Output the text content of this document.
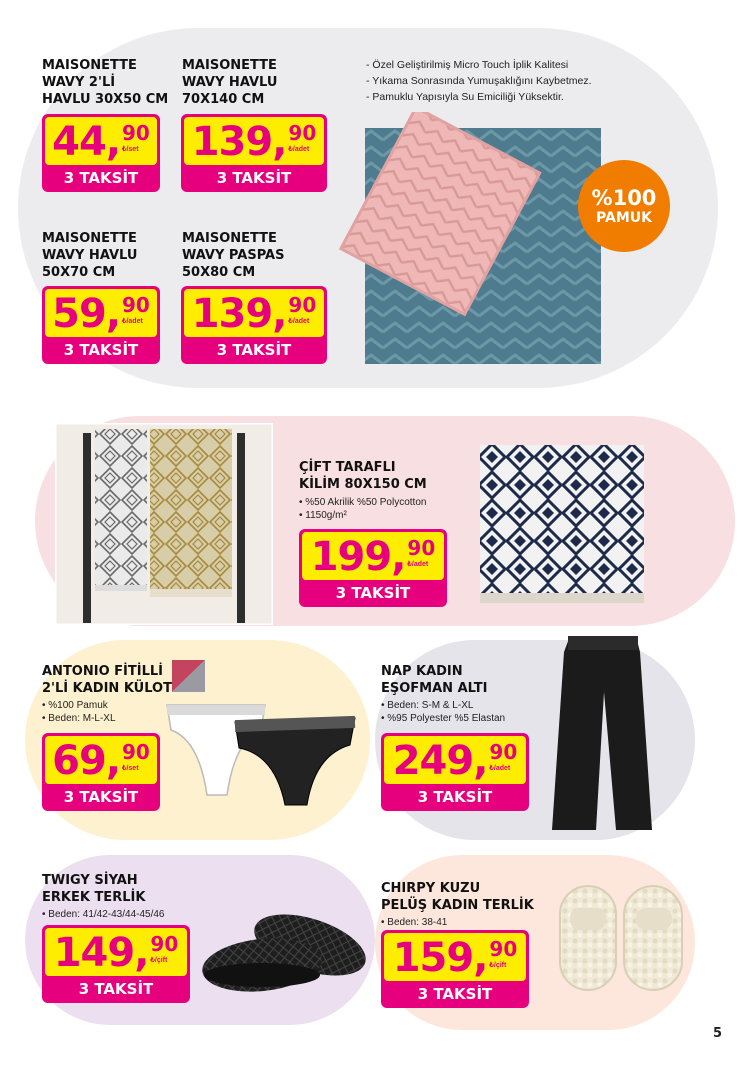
MAISONETTE
WAVY 2'Lİ
HAVLU 30X50 CM
44 , 90
₺/set
3 TAKSİT
MAISONETTE
WAVY HAVLU
70X140 CM
139 , 90
₺/adet
3 TAKSİT
MAISONETTE
WAVY HAVLU
50X70 CM
59 , 90
₺/adet
3 TAKSİT
MAISONETTE
WAVY PASPAS
50X80 CM
139 , 90
₺/adet
3 TAKSİT
- Özel Geliştirilmiş Micro Touch İplik Kalitesi
- Yıkama Sonrasında Yumuşaklığını Kaybetmez.
- Pamuklu Yapısıyla Su Emiciliği Yüksektir.
%100
PAMUK
ÇİFT TARAFLI
KİLİM 80X150 CM
• %50 Akrilik %50 Polycotton
• 1150g/m²
199 , 90
₺/adet
3 TAKSİT
ANTONIO FİTİLLİ
2'Lİ KADIN KÜLOT
• %100 Pamuk
• Beden: M-L-XL
69 , 90
₺/set
3 TAKSİT
NAP KADIN
EŞOFMAN ALTI
• Beden: S-M & L-XL
• %95 Polyester %5 Elastan
249 , 90
₺/adet
3 TAKSİT
TWIGY SİYAH
ERKEK TERLİK
• Beden: 41/42-43/44-45/46
149 , 90
₺/çift
3 TAKSİT
CHIRPY KUZU
PELÜŞ KADIN TERLİK
• Beden: 38-41
159 , 90
₺/çift
3 TAKSİT
5
